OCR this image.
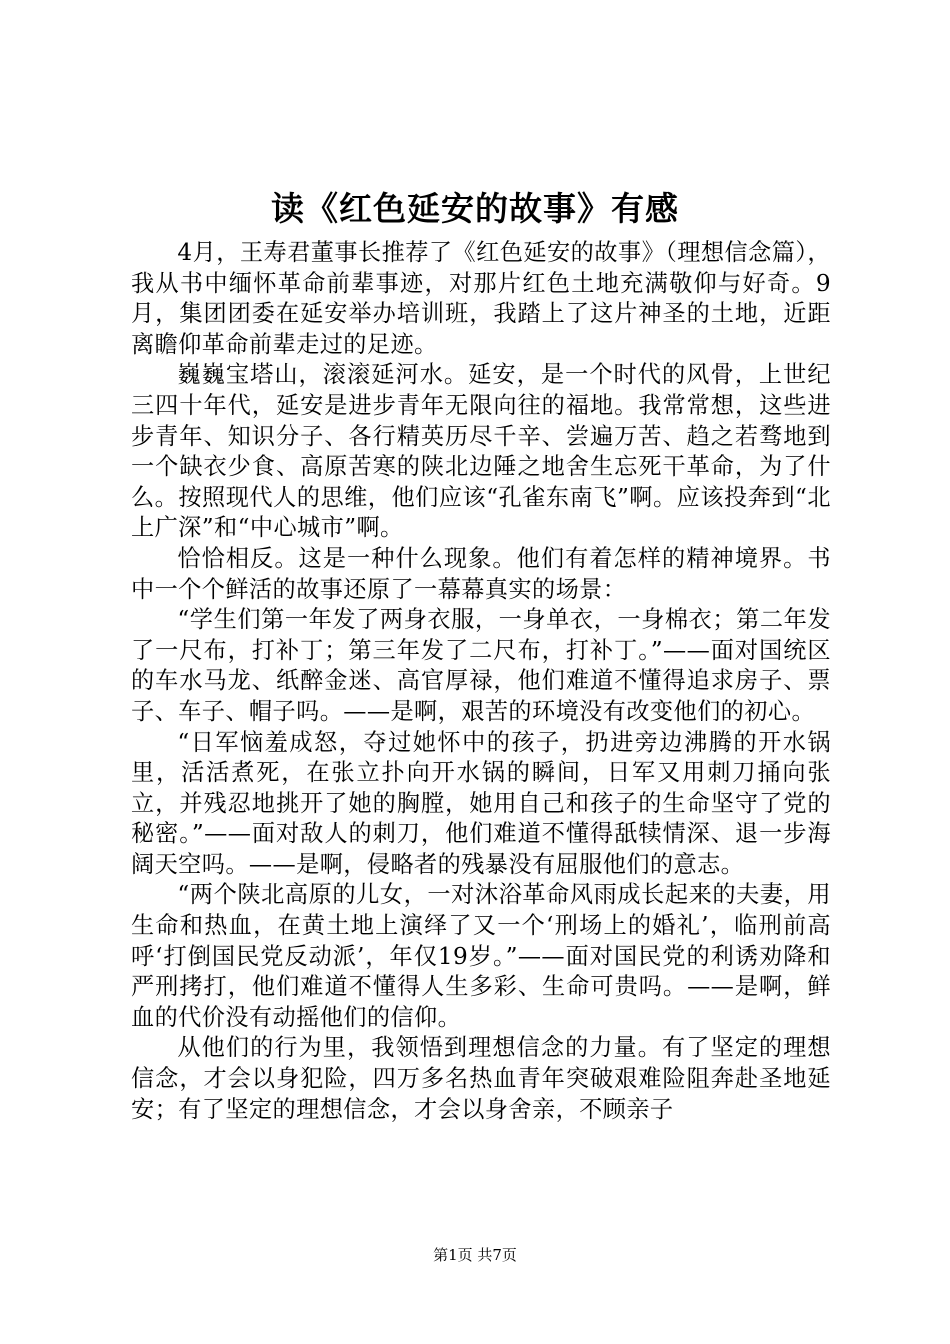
读《红色延安的故事》有感

4月，王寿君董事长推荐了《红色延安的故事》（理想信念篇），我从书中缅怀革命前辈事迹，对那片红色土地充满敬仰与好奇。9月，集团团委在延安举办培训班，我踏上了这片神圣的土地，近距离瞻仰革命前辈走过的足迹。

巍巍宝塔山，滚滚延河水。延安，是一个时代的风骨，上世纪三四十年代，延安是进步青年无限向往的福地。我常常想，这些进步青年、知识分子、各行精英历尽千辛、尝遍万苦、趋之若骛地到一个缺衣少食、高原苦寒的陕北边陲之地舍生忘死干革命，为了什么。按照现代人的思维，他们应该“孔雀东南飞”啊。应该投奔到“北上广深”和“中心城市”啊。

恰恰相反。这是一种什么现象。他们有着怎样的精神境界。书中一个个鲜活的故事还原了一幕幕真实的场景：

“学生们第一年发了两身衣服，一身单衣，一身棉衣；第二年发了一尺布，打补丁；第三年发了二尺布，打补丁。”——面对国统区的车水马龙、纸醉金迷、高官厚禄，他们难道不懂得追求房子、票子、车子、帽子吗。——是啊，艰苦的环境没有改变他们的初心。

“日军恼羞成怒，夺过她怀中的孩子，扔进旁边沸腾的开水锅里，活活煮死，在张立扑向开水锅的瞬间，日军又用刺刀捅向张立，并残忍地挑开了她的胸膛，她用自己和孩子的生命坚守了党的秘密。”——面对敌人的刺刀，他们难道不懂得舐犊情深、退一步海阔天空吗。——是啊，侵略者的残暴没有屈服他们的意志。

“两个陕北高原的儿女，一对沐浴革命风雨成长起来的夫妻，用生命和热血，在黄土地上演绎了又一个‘刑场上的婚礼’，临刑前高呼‘打倒国民党反动派’，年仅19岁。”——面对国民党的利诱劝降和严刑拷打，他们难道不懂得人生多彩、生命可贵吗。——是啊，鲜血的代价没有动摇他们的信仰。

从他们的行为里，我领悟到理想信念的力量。有了坚定的理想信念，才会以身犯险，四万多名热血青年突破艰难险阻奔赴圣地延安；有了坚定的理想信念，才会以身舍亲，不顾亲子

第1页 共7页
